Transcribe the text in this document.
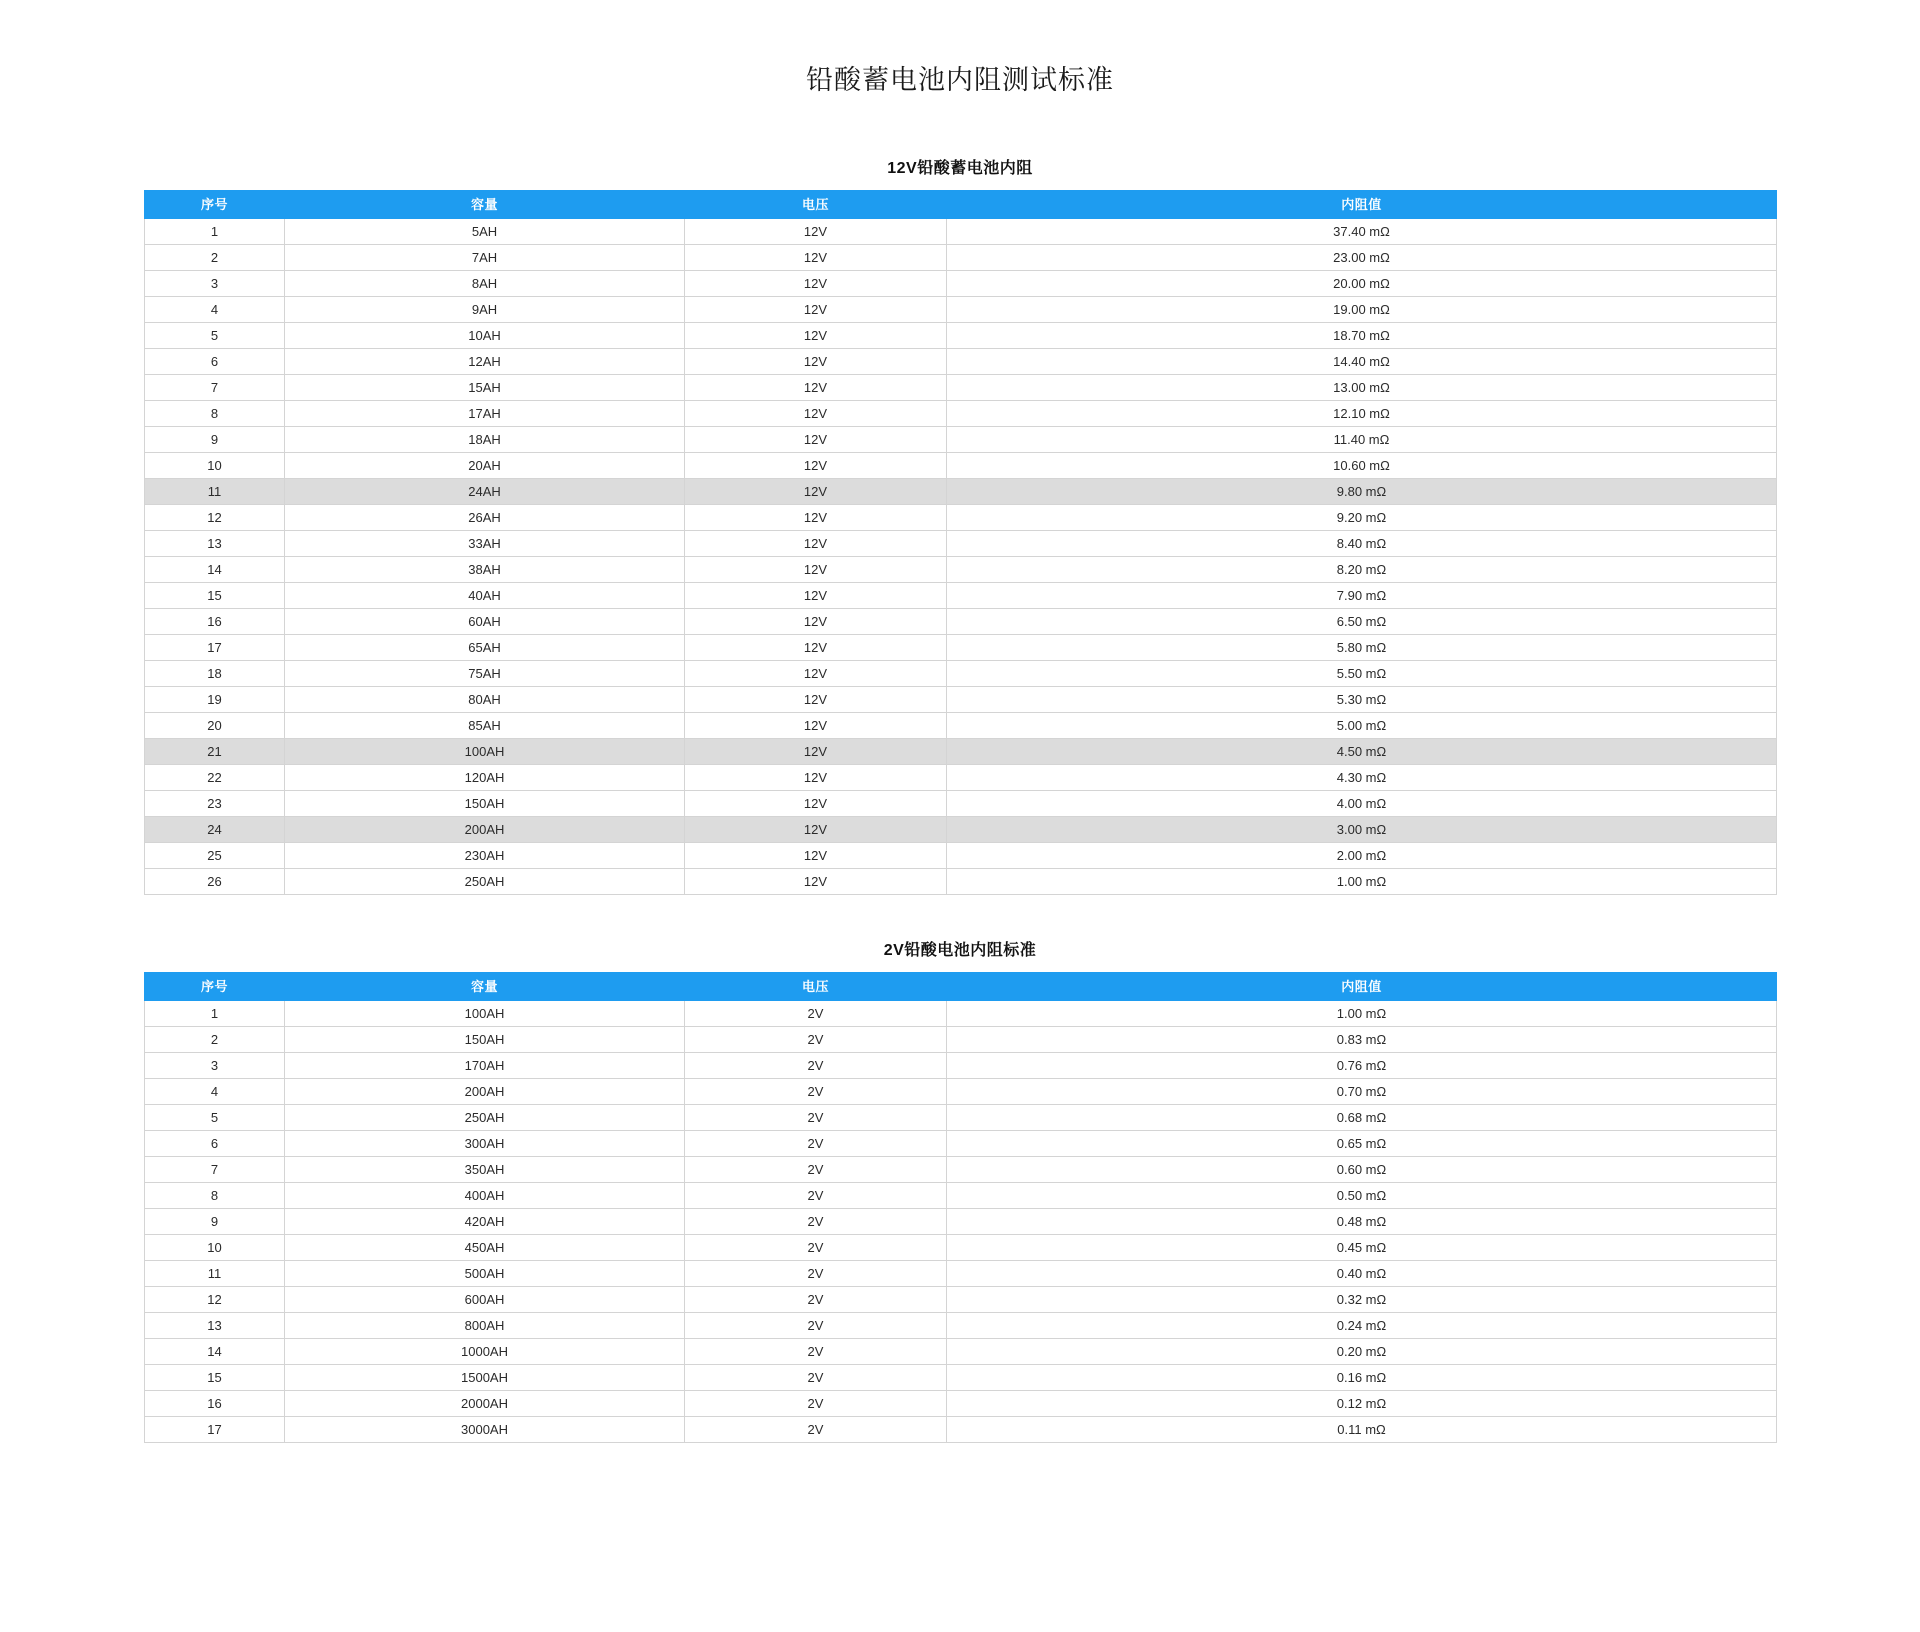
铅酸蓄电池内阻测试标准
12V铅酸蓄电池内阻
序号	容量	电压	内阻值
1	5AH	12V	37.40 mΩ
2	7AH	12V	23.00 mΩ
3	8AH	12V	20.00 mΩ
4	9AH	12V	19.00 mΩ
5	10AH	12V	18.70 mΩ
6	12AH	12V	14.40 mΩ
7	15AH	12V	13.00 mΩ
8	17AH	12V	12.10 mΩ
9	18AH	12V	11.40 mΩ
10	20AH	12V	10.60 mΩ
11	24AH	12V	9.80 mΩ
12	26AH	12V	9.20 mΩ
13	33AH	12V	8.40 mΩ
14	38AH	12V	8.20 mΩ
15	40AH	12V	7.90 mΩ
16	60AH	12V	6.50 mΩ
17	65AH	12V	5.80 mΩ
18	75AH	12V	5.50 mΩ
19	80AH	12V	5.30 mΩ
20	85AH	12V	5.00 mΩ
21	100AH	12V	4.50 mΩ
22	120AH	12V	4.30 mΩ
23	150AH	12V	4.00 mΩ
24	200AH	12V	3.00 mΩ
25	230AH	12V	2.00 mΩ
26	250AH	12V	1.00 mΩ
2V铅酸电池内阻标准
序号	容量	电压	内阻值
1	100AH	2V	1.00 mΩ
2	150AH	2V	0.83 mΩ
3	170AH	2V	0.76 mΩ
4	200AH	2V	0.70 mΩ
5	250AH	2V	0.68 mΩ
6	300AH	2V	0.65 mΩ
7	350AH	2V	0.60 mΩ
8	400AH	2V	0.50 mΩ
9	420AH	2V	0.48 mΩ
10	450AH	2V	0.45 mΩ
11	500AH	2V	0.40 mΩ
12	600AH	2V	0.32 mΩ
13	800AH	2V	0.24 mΩ
14	1000AH	2V	0.20 mΩ
15	1500AH	2V	0.16 mΩ
16	2000AH	2V	0.12 mΩ
17	3000AH	2V	0.11 mΩ
